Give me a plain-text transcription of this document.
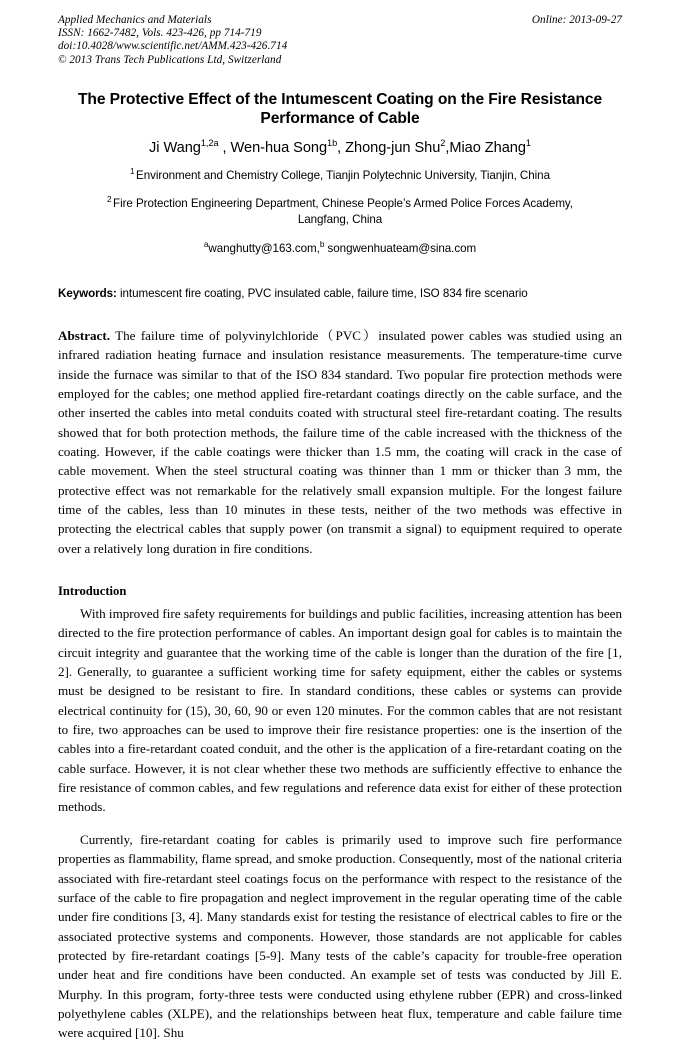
Applied Mechanics and Materials
ISSN: 1662-7482, Vols. 423-426, pp 714-719
doi:10.4028/www.scientific.net/AMM.423-426.714
© 2013 Trans Tech Publications Ltd, Switzerland
Online: 2013-09-27
The Protective Effect of the Intumescent Coating on the Fire Resistance Performance of Cable
Ji Wang$^{1,2a}$ , Wen-hua Song$^{1b}$, Zhong-jun Shu$^2$,Miao Zhang$^1$
$^1$ Environment and Chemistry College, Tianjin Polytechnic University, Tianjin, China
$^2$ Fire Protection Engineering Department, Chinese People’s Armed Police Forces Academy, Langfang, China
$^a$wanghutty@163.com,$^b$ songwenhuateam@sina.com
Keywords: intumescent fire coating, PVC insulated cable, failure time, ISO 834 fire scenario
Abstract. The failure time of polyvinylchloride（PVC）insulated power cables was studied using an infrared radiation heating furnace and insulation resistance measurements. The temperature-time curve inside the furnace was similar to that of the ISO 834 standard. Two popular fire protection methods were employed for the cables; one method applied fire-retardant coatings directly on the cable surface, and the other inserted the cables into metal conduits coated with structural steel fire-retardant coating. The results showed that for both protection methods, the failure time of the cable increased with the thickness of the coating. However, if the cable coatings were thicker than 1.5 mm, the coating will crack in the case of cable movement. When the steel structural coating was thinner than 1 mm or thicker than 3 mm, the protective effect was not remarkable for the relatively small expansion multiple. For the longest failure time of the cables, less than 10 minutes in these tests, neither of the two methods was effective in protecting the electrical cables that supply power (on transmit a signal) to equipment required to operate over a relatively long duration in fire conditions.
Introduction

With improved fire safety requirements for buildings and public facilities, increasing attention has been directed to the fire protection performance of cables. An important design goal for cables is to maintain the circuit integrity and guarantee that the working time of the cable is longer than the duration of the fire [1, 2]. Generally, to guarantee a sufficient working time for safety equipment, either the cables or systems must be designed to be resistant to fire. In standard conditions, these cables or systems can provide electrical continuity for (15), 30, 60, 90 or even 120 minutes. For the common cables that are not resistant to fire, two approaches can be used to improve their fire resistance properties: one is the insertion of the cables into a fire-retardant coated conduit, and the other is the application of a fire-retardant coating on the cable surface. However, it is not clear whether these two methods are sufficiently effective to enhance the fire resistance of common cables, and few regulations and reference data exist for either of these protection methods.

Currently, fire-retardant coating for cables is primarily used to improve such fire performance properties as flammability, flame spread, and smoke production. Consequently, most of the national criteria associated with fire-retardant steel coatings focus on the performance with respect to the resistance of the surface of the cable to fire propagation and neglect improvement in the regular operating time of the cable under fire conditions [3, 4]. Many standards exist for testing the resistance of electrical cables to fire or the associated protective systems and components. However, those standards are not applicable for cables protected by fire-retardant coatings [5-9]. Many tests of the cable’s capacity for trouble-free operation under heat and fire conditions have been conducted. An example set of tests was conducted by Jill E. Murphy. In this program, forty-three tests were conducted using ethylene rubber (EPR) and cross-linked polyethylene cables (XLPE), and the relationships between heat flux, temperature and cable failure time were acquired [10]. Shu
